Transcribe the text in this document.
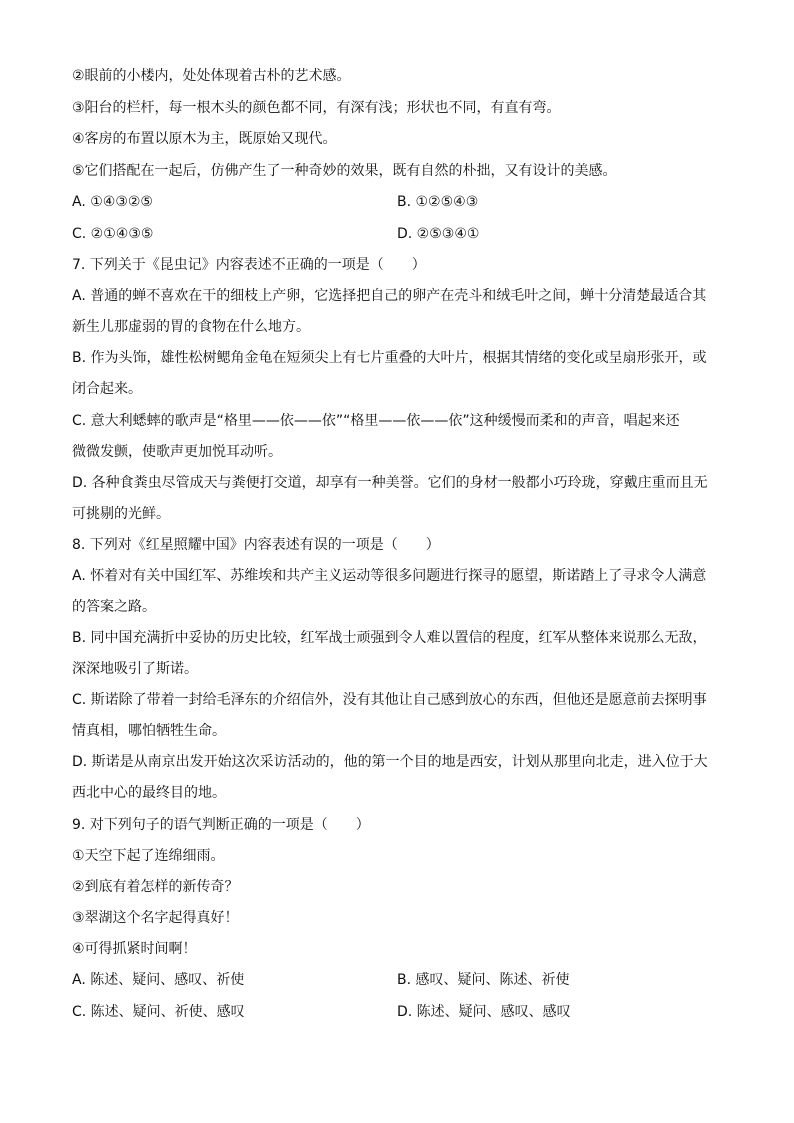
②眼前的小楼内，处处体现着古朴的艺术感。
③阳台的栏杆，每一根木头的颜色都不同，有深有浅；形状也不同，有直有弯。
④客房的布置以原木为主，既原始又现代。
⑤它们搭配在一起后，仿佛产生了一种奇妙的效果，既有自然的朴拙，又有设计的美感。
A. ①④③②⑤	B. ①②⑤④③
C. ②①④③⑤	D. ②⑤③④①
7. 下列关于《昆虫记》内容表述不正确的一项是（　　）
A. 普通的蝉不喜欢在干的细枝上产卵，它选择把自己的卵产在壳斗和绒毛叶之间，蝉十分清楚最适合其
新生儿那虚弱的胃的食物在什么地方。
B. 作为头饰，雄性松树鳃角金龟在短须尖上有七片重叠的大叶片，根据其情绪的变化或呈扇形张开，或
闭合起来。
C. 意大利蟋蟀的歌声是“格里——依——依”“格里——依——依”这种缓慢而柔和的声音，唱起来还
微微发颤，使歌声更加悦耳动听。
D. 各种食粪虫尽管成天与粪便打交道，却享有一种美誉。它们的身材一般都小巧玲珑，穿戴庄重而且无
可挑剔的光鲜。
8. 下列对《红星照耀中国》内容表述有误的一项是（　　）
A. 怀着对有关中国红军、苏维埃和共产主义运动等很多问题进行探寻的愿望，斯诺踏上了寻求令人满意
的答案之路。
B. 同中国充满折中妥协的历史比较，红军战士顽强到令人难以置信的程度，红军从整体来说那么无敌，
深深地吸引了斯诺。
C. 斯诺除了带着一封给毛泽东的介绍信外，没有其他让自己感到放心的东西，但他还是愿意前去探明事
情真相，哪怕牺牲生命。
D. 斯诺是从南京出发开始这次采访活动的，他的第一个目的地是西安，计划从那里向北走，进入位于大
西北中心的最终目的地。
9. 对下列句子的语气判断正确的一项是（　　）
①天空下起了连绵细雨。
②到底有着怎样的新传奇？
③翠湖这个名字起得真好！
④可得抓紧时间啊！
A. 陈述、疑问、感叹、祈使	B. 感叹、疑问、陈述、祈使
C. 陈述、疑问、祈使、感叹	D. 陈述、疑问、感叹、感叹
